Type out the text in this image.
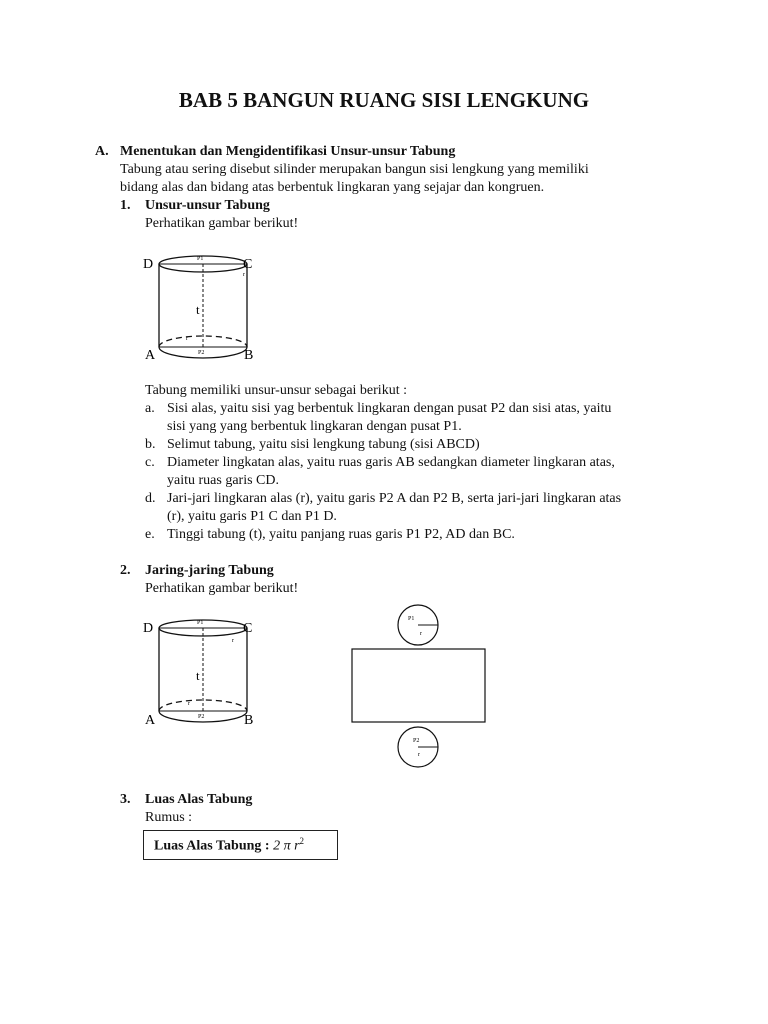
BAB 5 BANGUN RUANG SISI LENGKUNG
A. Menentukan dan Mengidentifikasi Unsur-unsur Tabung
Tabung atau sering disebut silinder merupakan bangun sisi lengkung yang memiliki
bidang alas dan bidang atas berbentuk lingkaran yang sejajar dan kongruen.
1. Unsur-unsur Tabung
Perhatikan gambar berikut!
D	C
A	B
P1
P2
r
r
t
Tabung memiliki unsur-unsur sebagai berikut :
a. Sisi alas, yaitu sisi yag berbentuk lingkaran dengan pusat P2 dan sisi atas, yaitu
sisi yang yang berbentuk lingkaran dengan pusat P1.
b. Selimut tabung, yaitu sisi lengkung tabung (sisi ABCD)
c. Diameter lingkatan alas, yaitu ruas garis AB sedangkan diameter lingkaran atas,
yaitu ruas garis CD.
d. Jari-jari lingkaran alas (r), yaitu garis P2 A dan P2 B, serta jari-jari lingkaran atas
(r), yaitu garis P1 C dan P1 D.
e. Tinggi tabung (t), yaitu panjang ruas garis P1 P2, AD dan BC.
2. Jaring-jaring Tabung
Perhatikan gambar berikut!
D	C
A	B
P1
P2
r
r
t
P1
r
P2
r
3. Luas Alas Tabung
Rumus :
Luas Alas Tabung : 2 π $r^2$
